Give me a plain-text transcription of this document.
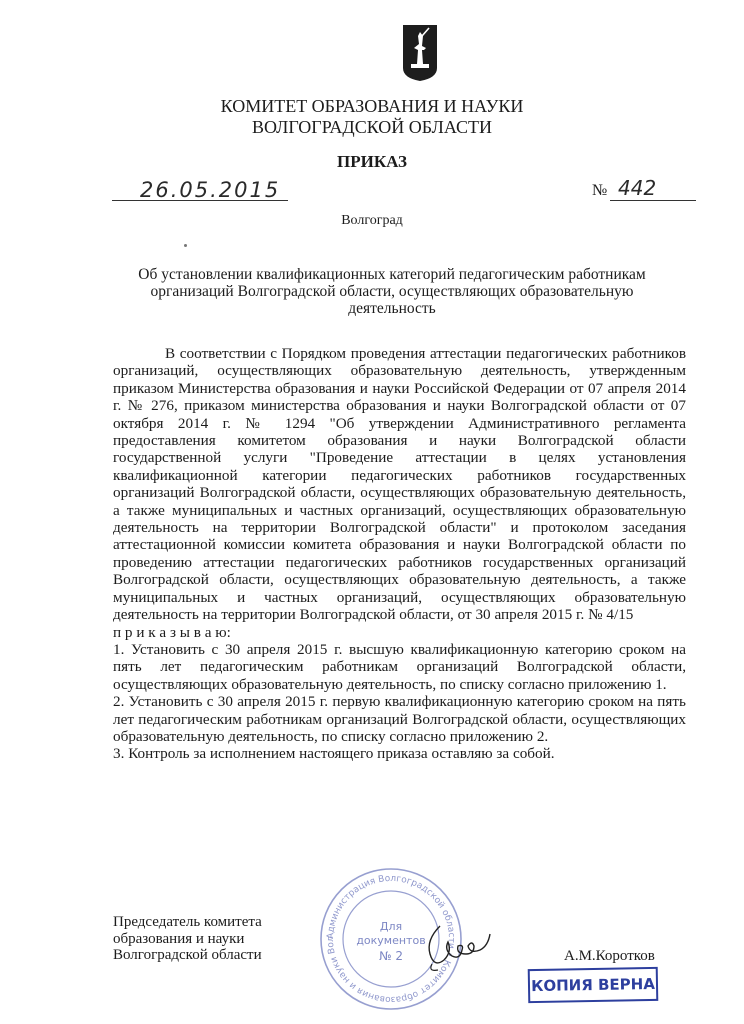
КОМИТЕТ ОБРАЗОВАНИЯ И НАУКИ
ВОЛГОГРАДСКОЙ ОБЛАСТИ
ПРИКАЗ
26.05.2015	№ 442
Волгоград
Об установлении квалификационных категорий педагогическим работникам
организаций Волгоградской области, осуществляющих образовательную
деятельность

В соответствии с Порядком проведения аттестации педагогических работников организаций, осуществляющих образовательную деятельность, утвержденным приказом Министерства образования и науки Российской Федерации от 07 апреля 2014 г. № 276, приказом министерства образования и науки Волгоградской области от 07 октября 2014 г. № 1294 "Об утверждении Административного регламента предоставления комитетом образования и науки Волгоградской области государственной услуги "Проведение аттестации в целях установления квалификационной категории педагогических работников государственных организаций Волгоградской области, осуществляющих образовательную деятельность, а также муниципальных и частных организаций, осуществляющих образовательную деятельность на территории Волгоградской области" и протоколом заседания аттестационной комиссии комитета образования и науки Волгоградской области по проведению аттестации педагогических работников государственных организаций Волгоградской области, осуществляющих образовательную деятельность, а также муниципальных и частных организаций, осуществляющих образовательную деятельность на территории Волгоградской области, от 30 апреля 2015 г. № 4/15

п р и к а з ы в а ю:

1. Установить с 30 апреля 2015 г. высшую квалификационную категорию сроком на пять лет педагогическим работникам организаций Волгоградской области, осуществляющих образовательную деятельность, по списку согласно приложению 1.

2. Установить с 30 апреля 2015 г. первую квалификационную категорию сроком на пять лет педагогическим работникам организаций Волгоградской области, осуществляющих образовательную деятельность, по списку согласно приложению 2.

3. Контроль за исполнением настоящего приказа оставляю за собой.

Председатель комитета
образования и науки
Волгоградской области	А.М.Коротков
Администрация Волгоградской области • Комитет образования и науки Вол
Для
документов
№ 2
КОПИЯ ВЕРНА
